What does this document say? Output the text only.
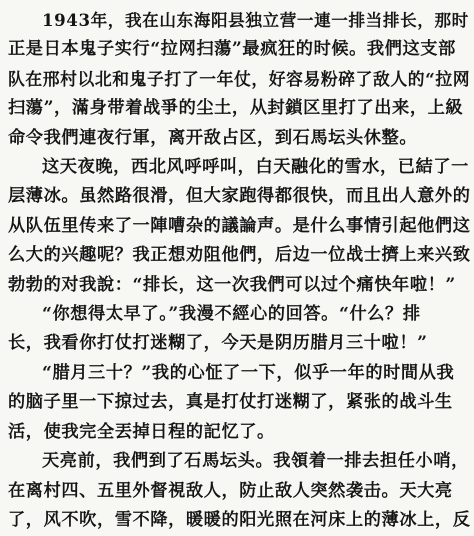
1943年，我在山东海阳县独立营一連一排当排长，那时
正是日本鬼子实行“拉网扫蕩”最疯狂的时候。我們这支部
队在邢村以北和鬼子打了一年仗，好容易粉碎了敌人的“拉网
扫蕩”，滿身带着战爭的尘土，从封鎖区里打了出来，上級
命令我們連夜行軍，离开敌占区，到石馬坛头休整。

这天夜晚，西北风呼呼叫，白天融化的雪水，已結了一
层薄冰。虽然路很滑，但大家跑得都很快，而且出人意外的
从队伍里传来了一陣嘈杂的議論声。是什么事情引起他們这
么大的兴趣呢？我正想劝阻他們，后边一位战士擠上来兴致
勃勃的对我說：“排长，这一次我們可以过个痛快年啦！”

“你想得太早了。”我漫不經心的回答。“什么？排
长，我看你打仗打迷糊了，今天是阴历腊月三十啦！”

“腊月三十？”我的心怔了一下，似乎一年的时間从我
的脑子里一下掠过去，真是打仗打迷糊了，紧张的战斗生
活，使我完全丟掉日程的記忆了。

天亮前，我們到了石馬坛头。我領着一排去担任小哨，
在离村四、五里外督視敌人，防止敌人突然袭击。天大亮
了，风不吹，雪不降，暖暖的阳光照在河床上的薄冰上，反
